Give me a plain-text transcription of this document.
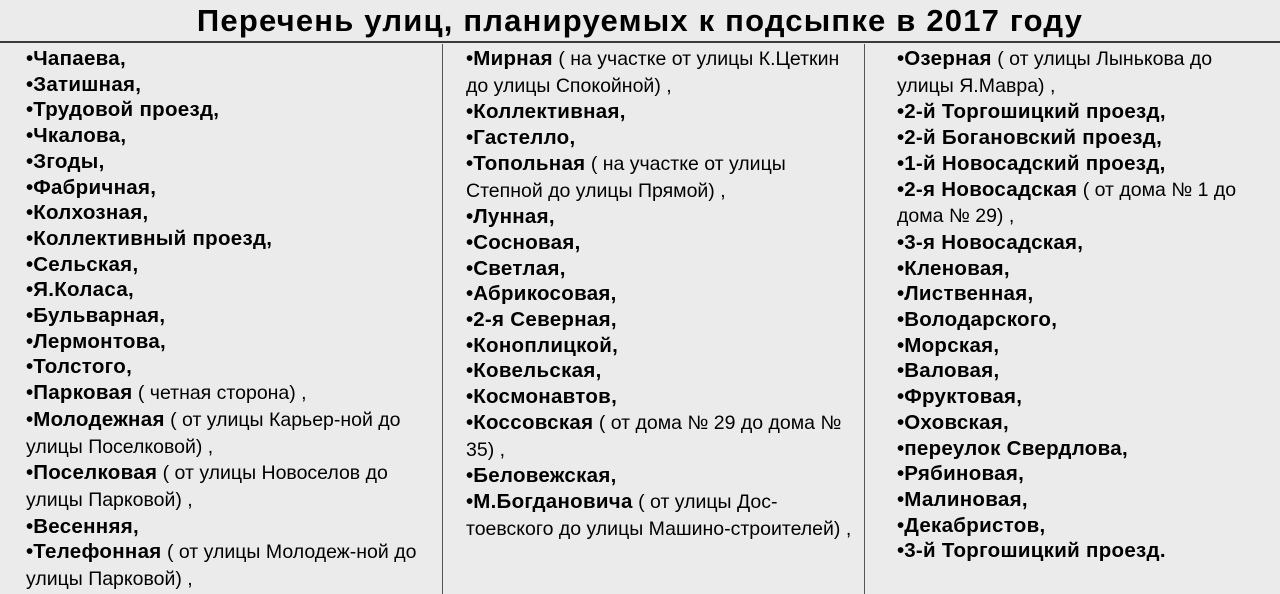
Перечень улиц, планируемых к подсыпке в 2017 году
•Чапаева,
•Затишная,
•Трудовой проезд,
•Чкалова,
•Згоды,
•Фабричная,
•Колхозная,
•Коллективный проезд,
•Сельская,
•Я.Коласа,
•Бульварная,
•Лермонтова,
•Толстого,
•Парковая ( четная сторона) ,
•Молодежная ( от улицы Карьер-ной до улицы Поселковой) ,
•Поселковая ( от улицы Новоселов до улицы Парковой) ,
•Весенняя,
•Телефонная ( от улицы Молодеж-ной до улицы Парковой) ,
•Мирная ( на участке от улицы К.Цеткин до улицы Спокойной) ,
•Коллективная,
•Гастелло,
•Топольная ( на участке от улицы Степной до улицы Прямой) ,
•Лунная,
•Сосновая,
•Светлая,
•Абрикосовая,
•2-я Северная,
•Коноплицкой,
•Ковельская,
•Космонавтов,
•Коссовская ( от дома № 29 до дома № 35) ,
•Беловежская,
•М.Богдановича ( от улицы Дос-тоевского до улицы Машино-строителей) ,
•Озерная ( от улицы Лынькова до улицы Я.Мавра) ,
•2-й Торгошицкий проезд,
•2-й Богановский проезд,
•1-й Новосадский проезд,
•2-я Новосадская ( от дома № 1 до дома № 29) ,
•3-я Новосадская,
•Кленовая,
•Лиственная,
•Володарского,
•Морская,
•Валовая,
•Фруктовая,
•Оховская,
•переулок Свердлова,
•Рябиновая,
•Малиновая,
•Декабристов,
•3-й Торгошицкий проезд.
